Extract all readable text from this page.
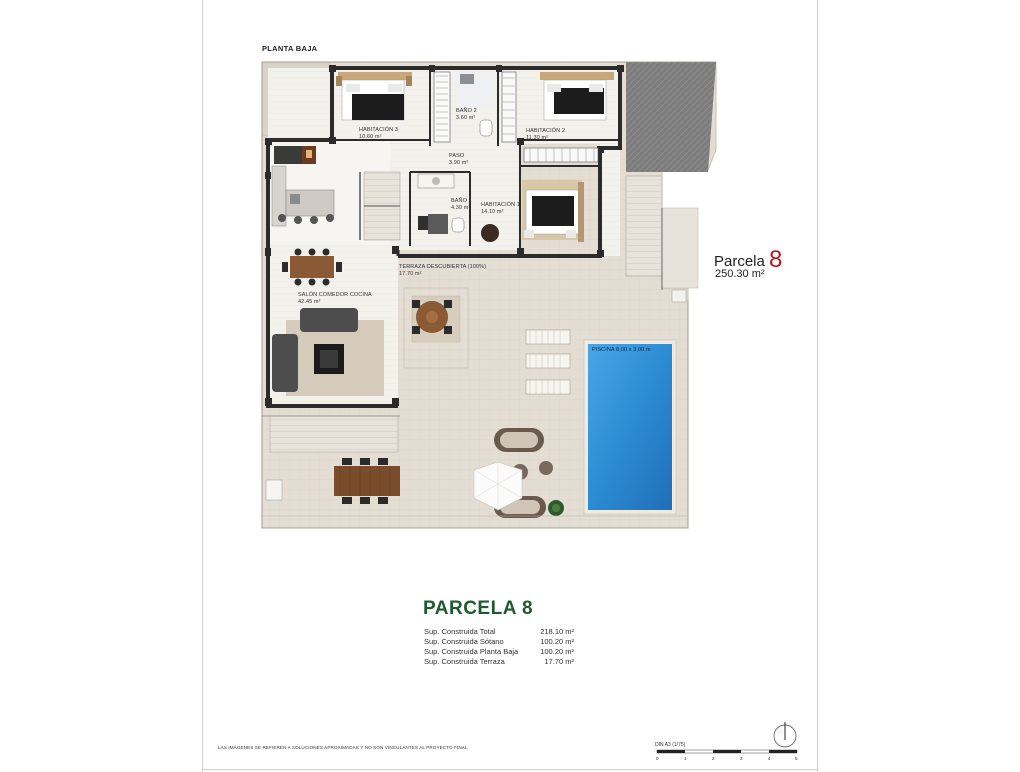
PLANTA BAJA
HABITACIÓN 3
10.60 m²
BAÑO 2
3.60 m²
HABITACIÓN 2
11.30 m²
PASO
3.90 m²
BAÑO 1
4.30 m² HABITACIÓN 1
14.10 m²
TERRAZA DESCUBIERTA (100%)
17.70 m²
SALÓN COMEDOR COCINA
42.45 m²
PISCINA 8,00 x 3,00 m
Parcela 8
250.30 m²
PARCELA 8
Sup. Construida Total	218.10 m²
Sup. Construida Sótano	100.20 m²
Sup. Construida Planta Baja	100.20 m²
Sup. Construida Terraza	17.70 m²
LAS IMÁGENES SE REFIEREN A SOLUCIONES APROXIMADAS Y NO SON VINCULANTES AL PROYECTO FINAL	DIN A3 (1/75)
0	1	2	3	4	5
